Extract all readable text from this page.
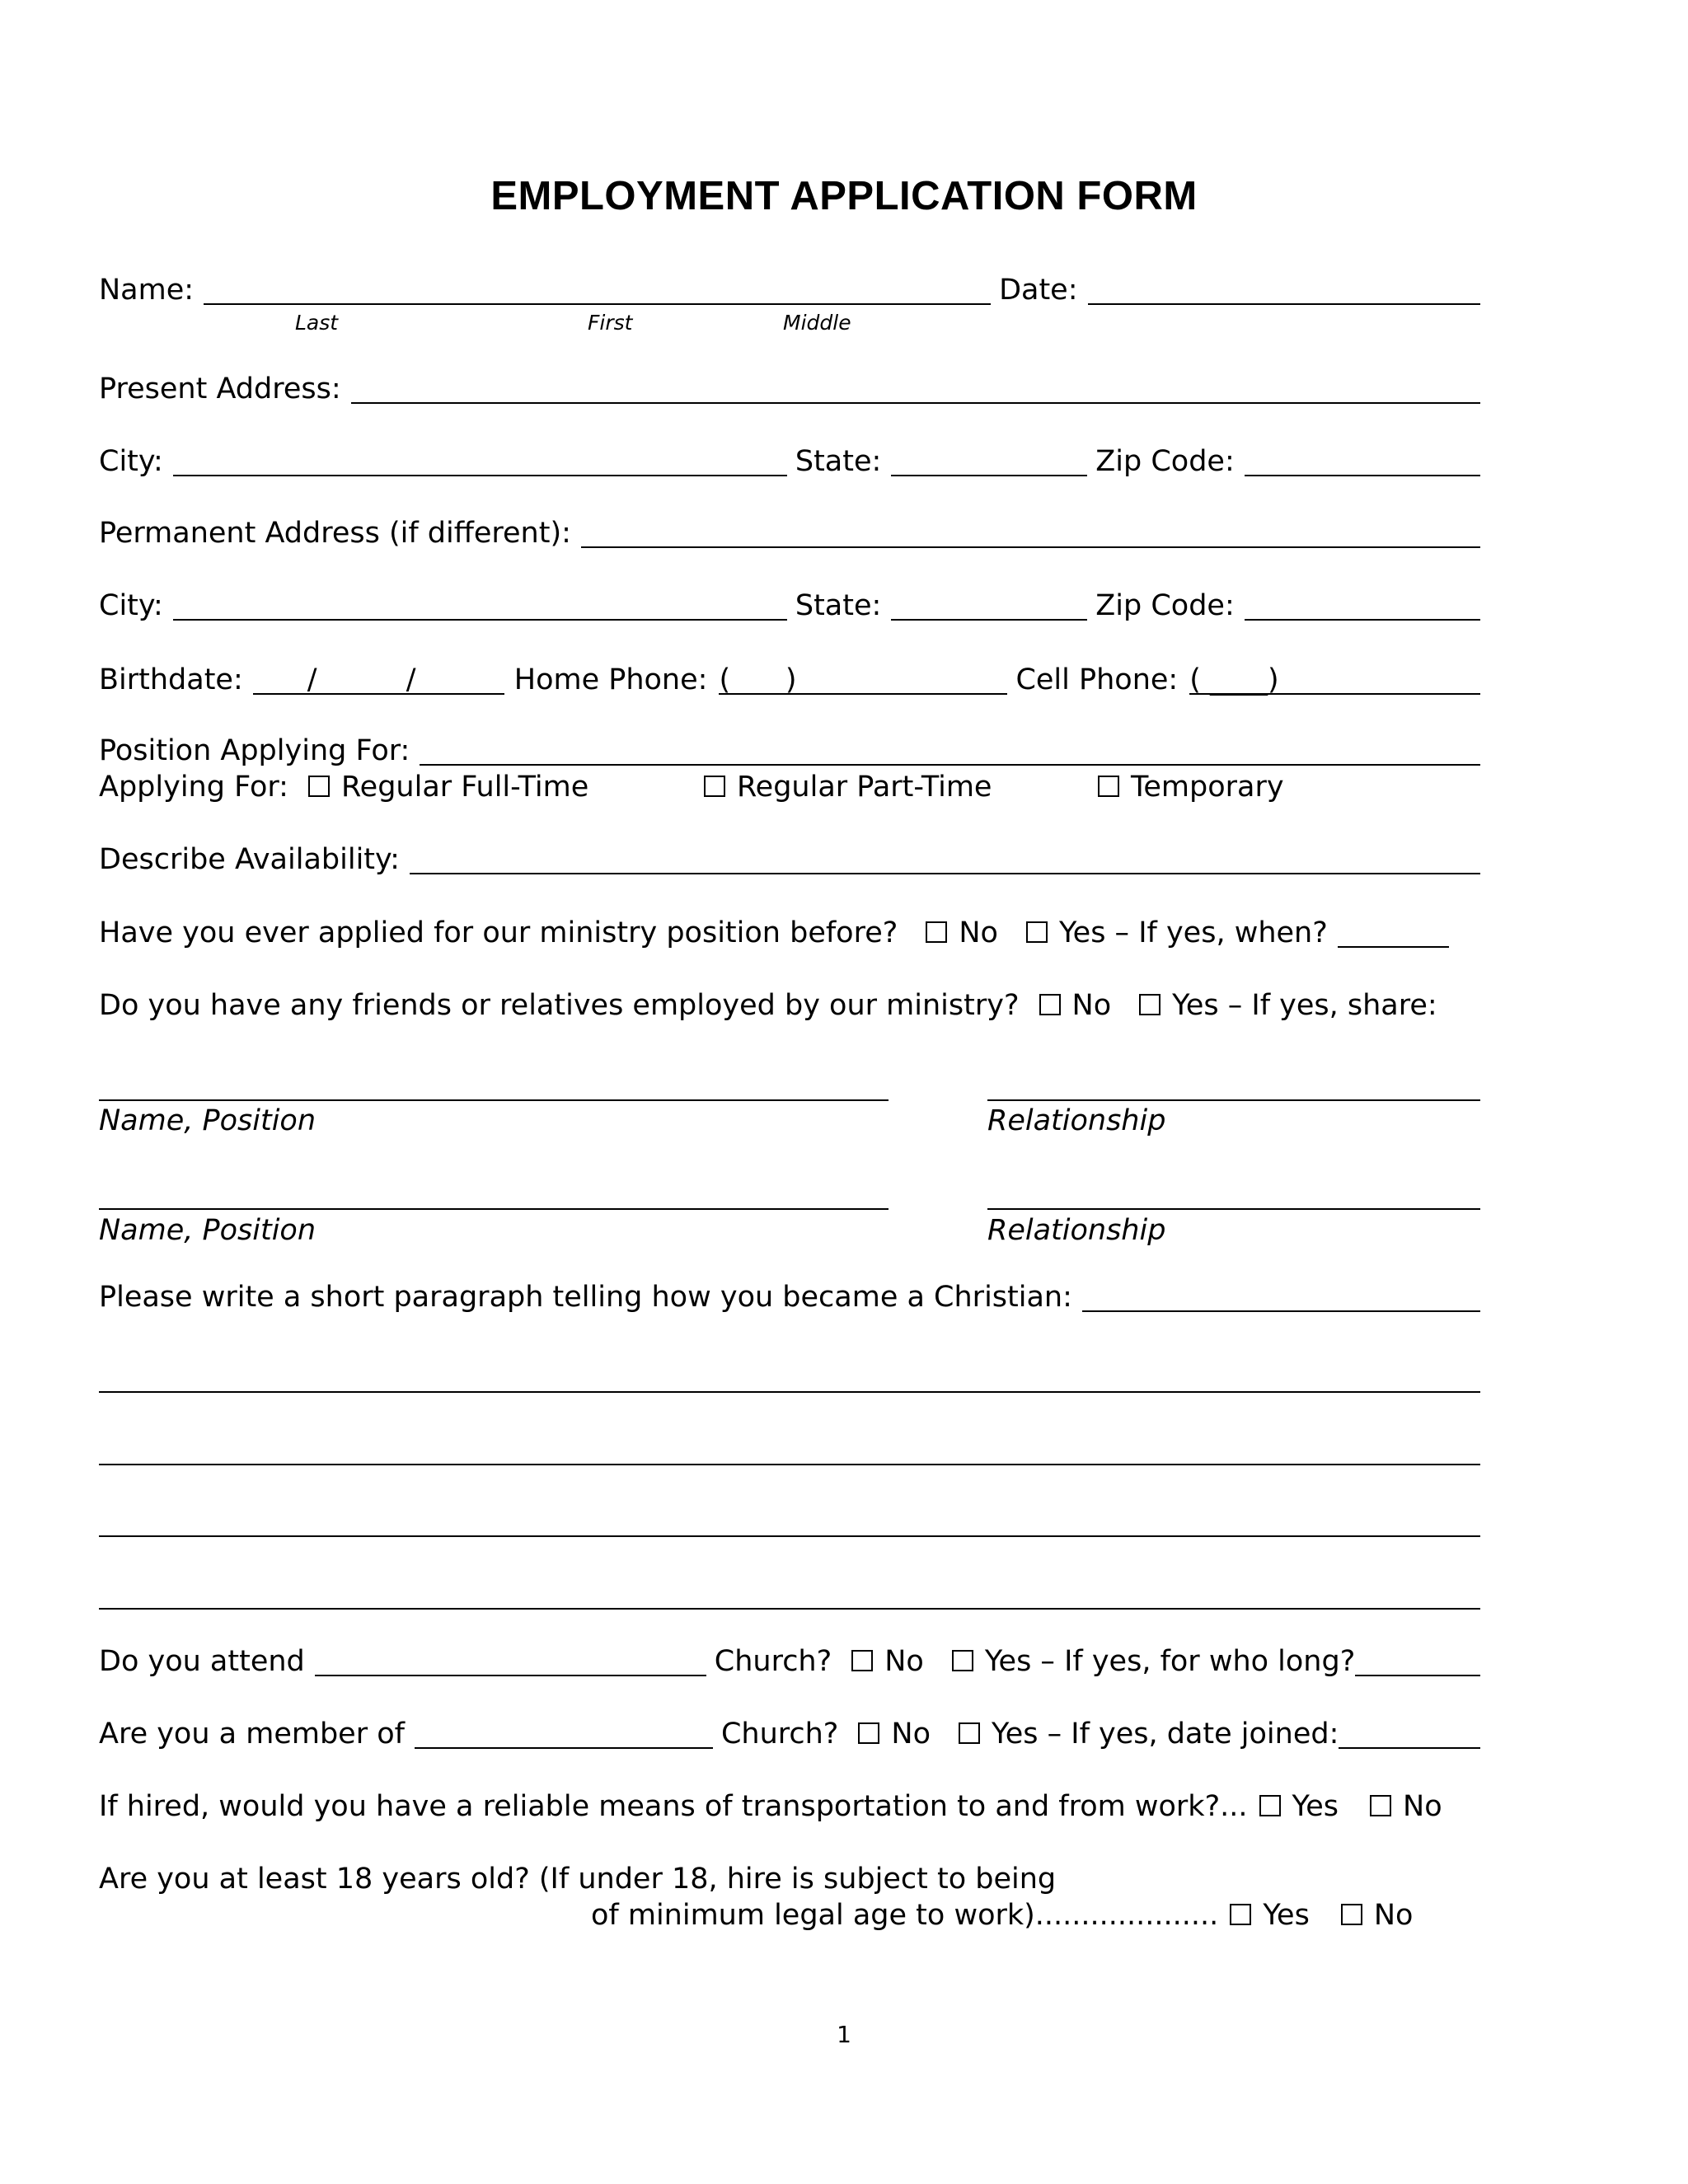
EMPLOYMENT APPLICATION FORM
Name:	Date:
Last	First	Middle
Present Address:
City:	State:	Zip Code:
Permanent Address (if different):
City:	State:	Zip Code:
Birthdate: /	/	Home Phone: (      )	Cell Phone: ( ____)
Position Applying For:
Applying For: Regular Full-Time	Regular Part-Time	Temporary
Describe Availability:
Have you ever applied for our ministry position before? No Yes – If yes, when?
Do you have any friends or relatives employed by our ministry? No Yes – If yes, share:
Name, Position	Relationship
Name, Position	Relationship
Please write a short paragraph telling how you became a Christian:
Do you attend	Church? No Yes – If yes, for who long?
Are you a member of	Church? No Yes – If yes, date joined:
If hired, would you have a reliable means of transportation to and from work?... Yes No
Are you at least 18 years old? (If under 18, hire is subject to being
of minimum legal age to work).................... Yes No
1
